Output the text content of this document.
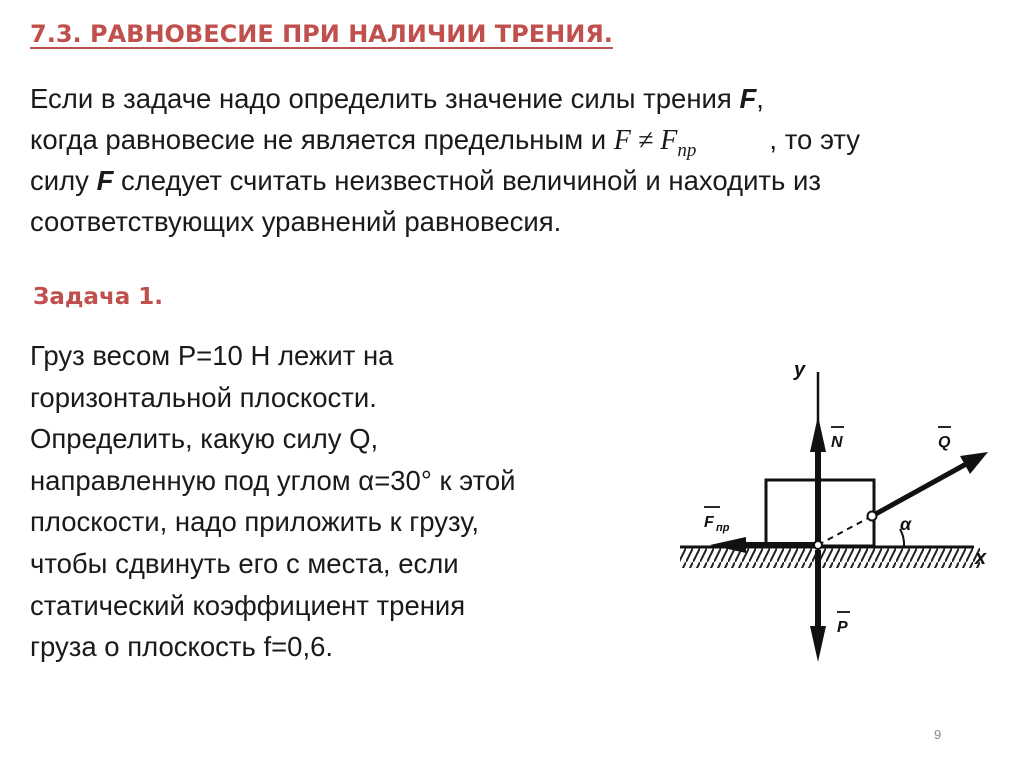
7.3. РАВНОВЕСИЕ ПРИ НАЛИЧИИ ТРЕНИЯ.
Если в задаче надо определить значение силы трения F,
когда равновесие не является предельным и $F \ne F_{пр}$ , то эту
силу F следует считать неизвестной величиной и находить из
соответствующих уравнений равновесия.
Задача 1.
Груз весом P=10 Н лежит на
горизонтальной плоскости.
Определить, какую силу Q,
направленную под углом α=30° к этой
плоскости, надо приложить к грузу,
чтобы сдвинуть его с места, если
статический коэффициент трения
груза о плоскость f=0,6.
x
y
N
P
F пр
Q
α
9
